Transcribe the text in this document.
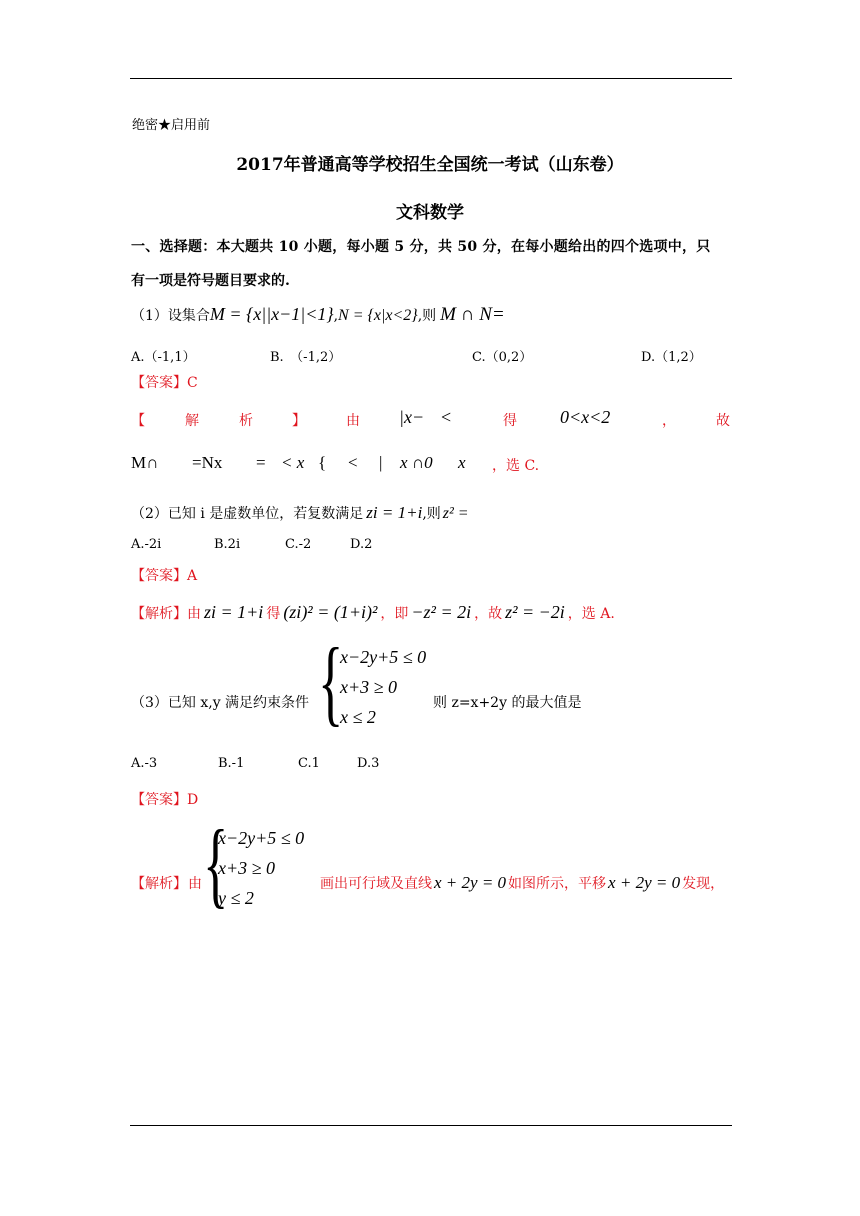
绝密★启用前
2017年普通高等学校招生全国统一考试（山东卷）
文科数学
一、选择题：本大题共 10 小题，每小题 5 分，共 50 分，在每小题给出的四个选项中，只
有一项是符号题目要求的.
（1）设集合M = {x||x−1|<1},N = {x|x<2},则 M ∩ N=
A.（-1,1）	B.　（-1,2）	C.（0,2）	D.（1,2）
【答案】C
【	解	析	】	由 |x− <	得 0<x<2	，	故
M∩ =Nx = < x { < | x ∩0 x ，选 C.
（2）已知 i 是虚数单位，若复数满足 zi = 1+i,则 z² =
A.-2i	B.2i	C.-2	D.2
【答案】A
【解析】由 zi = 1+i 得 (zi)² = (1+i)² ，即 −z² = 2i ，故 z² = −2i ，选 A.
（3）已知 x,y 满足约束条件 {
x−2y+5 ≤ 0
x+3 ≥ 0
x ≤ 2
则 z=x+2y 的最大值是
A.-3	B.-1	C.1	D.3
【答案】D
【解析】 由 {
x−2y+5 ≤ 0
x+3 ≥ 0
y ≤ 2
画出可行域及直线 x + 2y = 0 如图所示，平移 x + 2y = 0 发现，
